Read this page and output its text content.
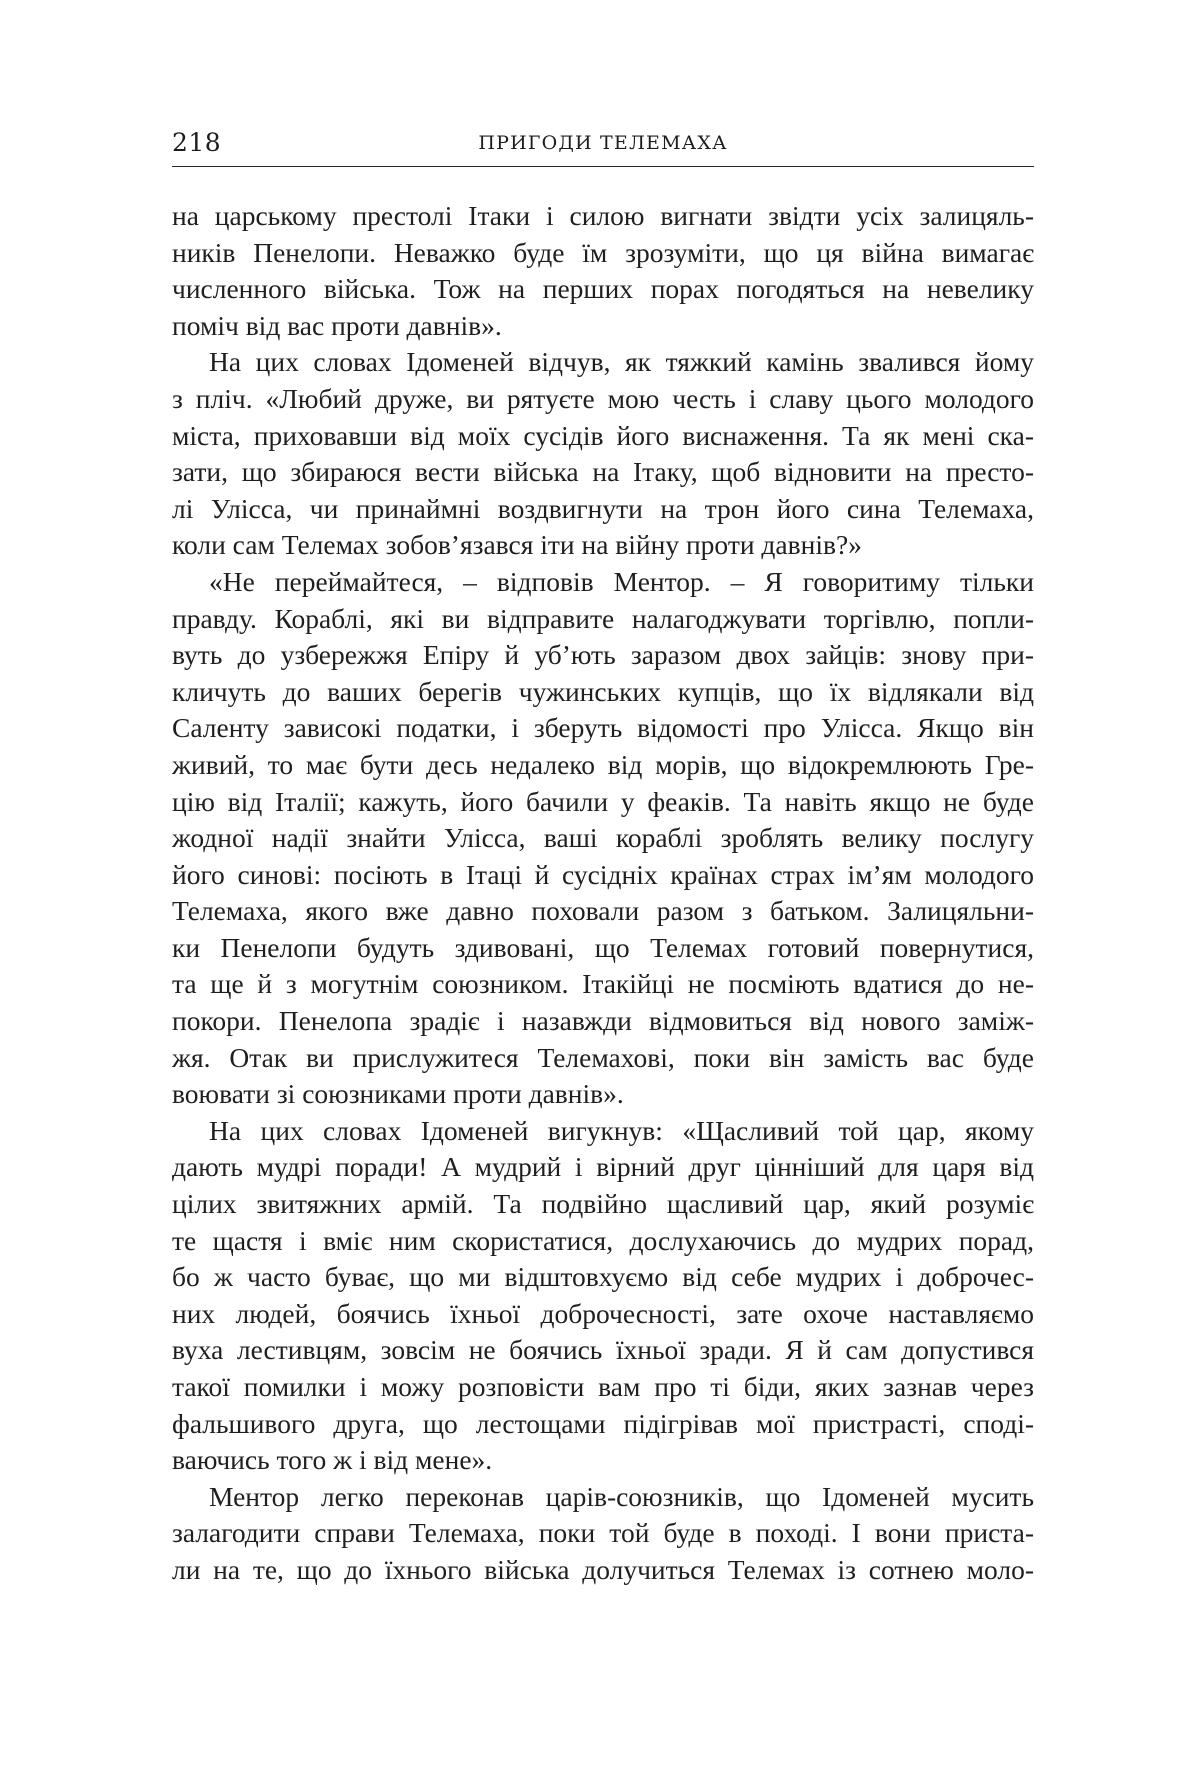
218	ПРИГОДИ ТЕЛЕМАХА
на царському престолі Ітаки і силою вигнати звідти усіх залицяль-
ників Пенелопи. Неважко буде їм зрозуміти, що ця війна вимагає
численного війська. Тож на перших порах погодяться на невелику
поміч від вас проти давнів».
На цих словах Ідоменей відчув, як тяжкий камінь звалився йому
з пліч. «Любий друже, ви рятуєте мою честь і славу цього молодого
міста, приховавши від моїх сусідів його виснаження. Та як мені ска-
зати, що збираюся вести війська на Ітаку, щоб відновити на престо-
лі Улісса, чи принаймні воздвигнути на трон його сина Телемаха,
коли сам Телемах зобов’язався іти на війну проти давнів?»
«Не переймайтеся, – відповів Ментор. – Я говоритиму тільки
правду. Кораблі, які ви відправите налагоджувати торгівлю, попли-
вуть до узбережжя Епіру й уб’ють заразом двох зайців: знову при-
кличуть до ваших берегів чужинських купців, що їх відлякали від
Саленту зависокі податки, і зберуть відомості про Улісса. Якщо він
живий, то має бути десь недалеко від морів, що відокремлюють Гре-
цію від Італії; кажуть, його бачили у феаків. Та навіть якщо не буде
жодної надії знайти Улісса, ваші кораблі зроблять велику послугу
його синові: посіють в Ітаці й сусідніх країнах страх ім’ям молодого
Телемаха, якого вже давно поховали разом з батьком. Залицяльни-
ки Пенелопи будуть здивовані, що Телемах готовий повернутися,
та ще й з могутнім союзником. Ітакійці не посміють вдатися до не-
покори. Пенелопа зрадіє і назавжди відмовиться від нового заміж-
жя. Отак ви прислужитеся Телемахові, поки він замість вас буде
воювати зі союзниками проти давнів».
На цих словах Ідоменей вигукнув: «Щасливий той цар, якому
дають мудрі поради! А мудрий і вірний друг цінніший для царя від
цілих звитяжних армій. Та подвійно щасливий цар, який розуміє
те щастя і вміє ним скористатися, дослухаючись до мудрих порад,
бо ж часто буває, що ми відштовхуємо від себе мудрих і доброчес-
них людей, боячись їхньої доброчесності, зате охоче наставляємо
вуха лестивцям, зовсім не боячись їхньої зради. Я й сам допустився
такої помилки і можу розповісти вам про ті біди, яких зазнав через
фальшивого друга, що лестощами підігрівав мої пристрасті, сподi-
ваючись того ж і від мене».
Ментор легко переконав царів-союзників, що Ідоменей мусить
залагодити справи Телемаха, поки той буде в поході. І вони приста-
ли на те, що до їхнього війська долучиться Телемах із сотнею моло-
